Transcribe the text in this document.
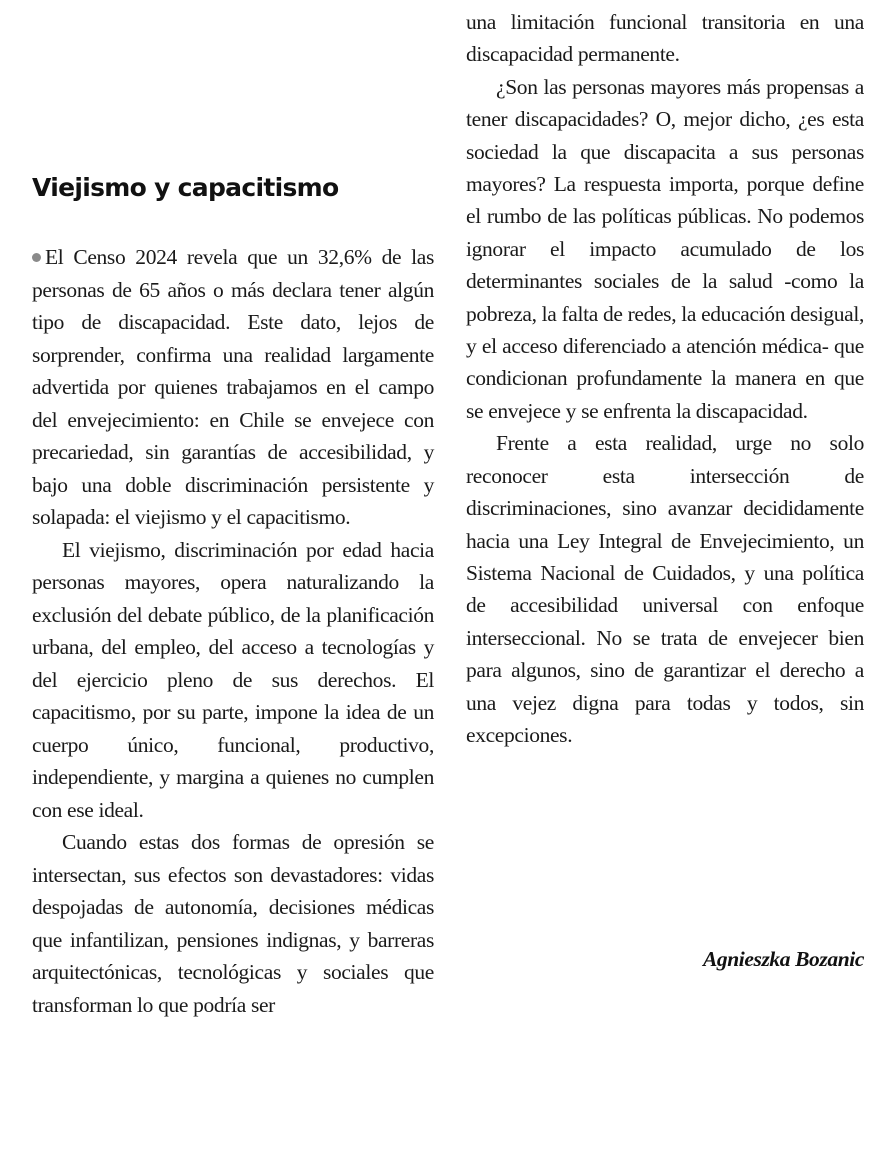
Viejismo y capacitismo

El Censo 2024 revela que un 32,6% de las personas de 65 años o más declara tener algún tipo de discapacidad. Este dato, lejos de sorprender, confirma una realidad largamente advertida por quienes trabajamos en el campo del envejecimiento: en Chile se envejece con precariedad, sin garantías de accesibilidad, y bajo una doble discriminación persistente y solapada: el viejismo y el capacitismo.

El viejismo, discriminación por edad hacia personas mayores, opera naturalizando la exclusión del debate público, de la planificación urbana, del empleo, del acceso a tecnologías y del ejercicio pleno de sus derechos. El capacitismo, por su parte, impone la idea de un cuerpo único, funcional, productivo, independiente, y margina a quienes no cumplen con ese ideal.

Cuando estas dos formas de opresión se intersectan, sus efectos son devastadores: vidas despojadas de autonomía, decisiones médicas que infantilizan, pensiones indignas, y barreras arquitectónicas, tecnológicas y sociales que transforman lo que podría ser

una limitación funcional transitoria en una discapacidad permanente.

¿Son las personas mayores más propensas a tener discapacidades? O, mejor dicho, ¿es esta sociedad la que discapacita a sus personas mayores? La respuesta importa, porque define el rumbo de las políticas públicas. No podemos ignorar el impacto acumulado de los determinantes sociales de la salud -como la pobreza, la falta de redes, la educación desigual, y el acceso diferenciado a atención médica- que condicionan profundamente la manera en que se envejece y se enfrenta la discapacidad.

Frente a esta realidad, urge no solo reconocer esta intersección de discriminaciones, sino avanzar decididamente hacia una Ley Integral de Envejecimiento, un Sistema Nacional de Cuidados, y una política de accesibilidad universal con enfoque interseccional. No se trata de envejecer bien para algunos, sino de garantizar el derecho a una vejez digna para todas y todos, sin excepciones.

Agnieszka Bozanic
